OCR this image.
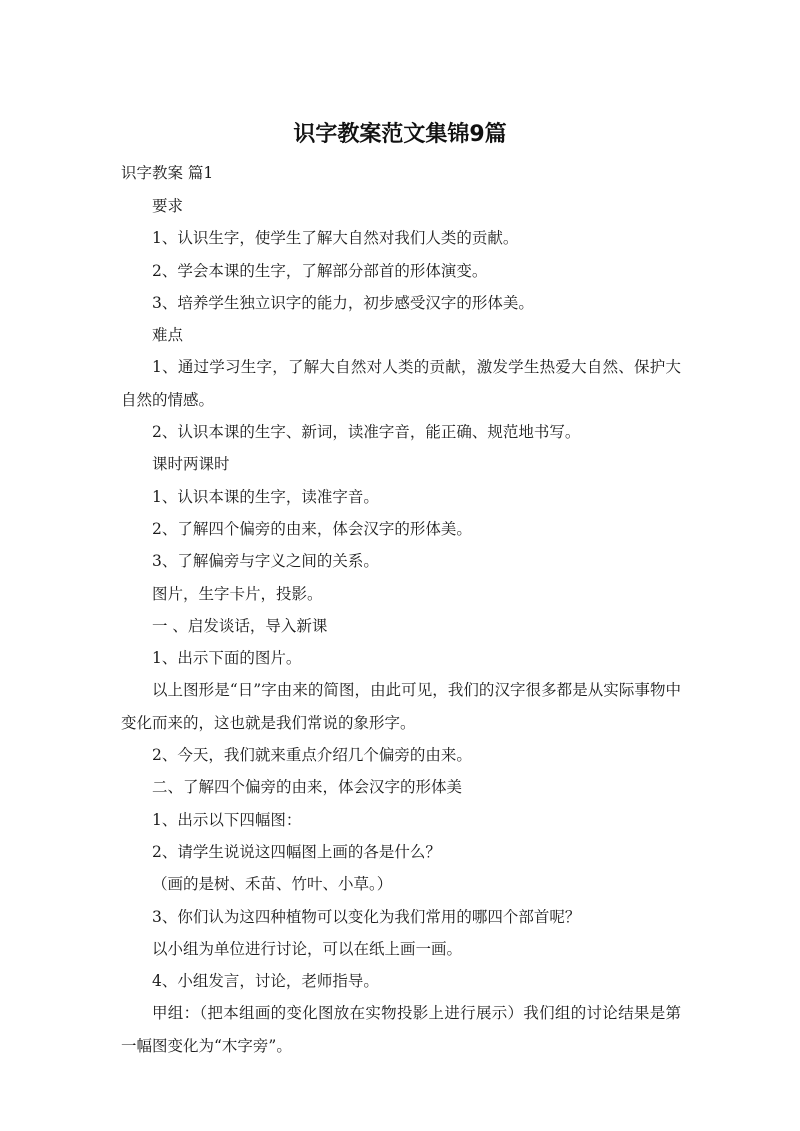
识字教案范文集锦9篇
识字教案 篇1

要求

1、认识生字，使学生了解大自然对我们人类的贡献。

2、学会本课的生字，了解部分部首的形体演变。

3、培养学生独立识字的能力，初步感受汉字的形体美。

难点

1、通过学习生字，了解大自然对人类的贡献，激发学生热爱大自然、保护大自然的情感。

2、认识本课的生字、新词，读准字音，能正确、规范地书写。

课时两课时

1、认识本课的生字，读准字音。

2、了解四个偏旁的由来，体会汉字的形体美。

3、了解偏旁与字义之间的关系。

图片，生字卡片，投影。

一 、启发谈话，导入新课

1、出示下面的图片。

以上图形是“日”字由来的简图，由此可见，我们的汉字很多都是从实际事物中变化而来的，这也就是我们常说的象形字。

2、今天，我们就来重点介绍几个偏旁的由来。

二、了解四个偏旁的由来，体会汉字的形体美

1、出示以下四幅图：

2、请学生说说这四幅图上画的各是什么？

（画的是树、禾苗、竹叶、小草。）

3、你们认为这四种植物可以变化为我们常用的哪四个部首呢？

以小组为单位进行讨论，可以在纸上画一画。

4、小组发言，讨论，老师指导。

甲组：（把本组画的变化图放在实物投影上进行展示）我们组的讨论结果是第一幅图变化为“木字旁”。
